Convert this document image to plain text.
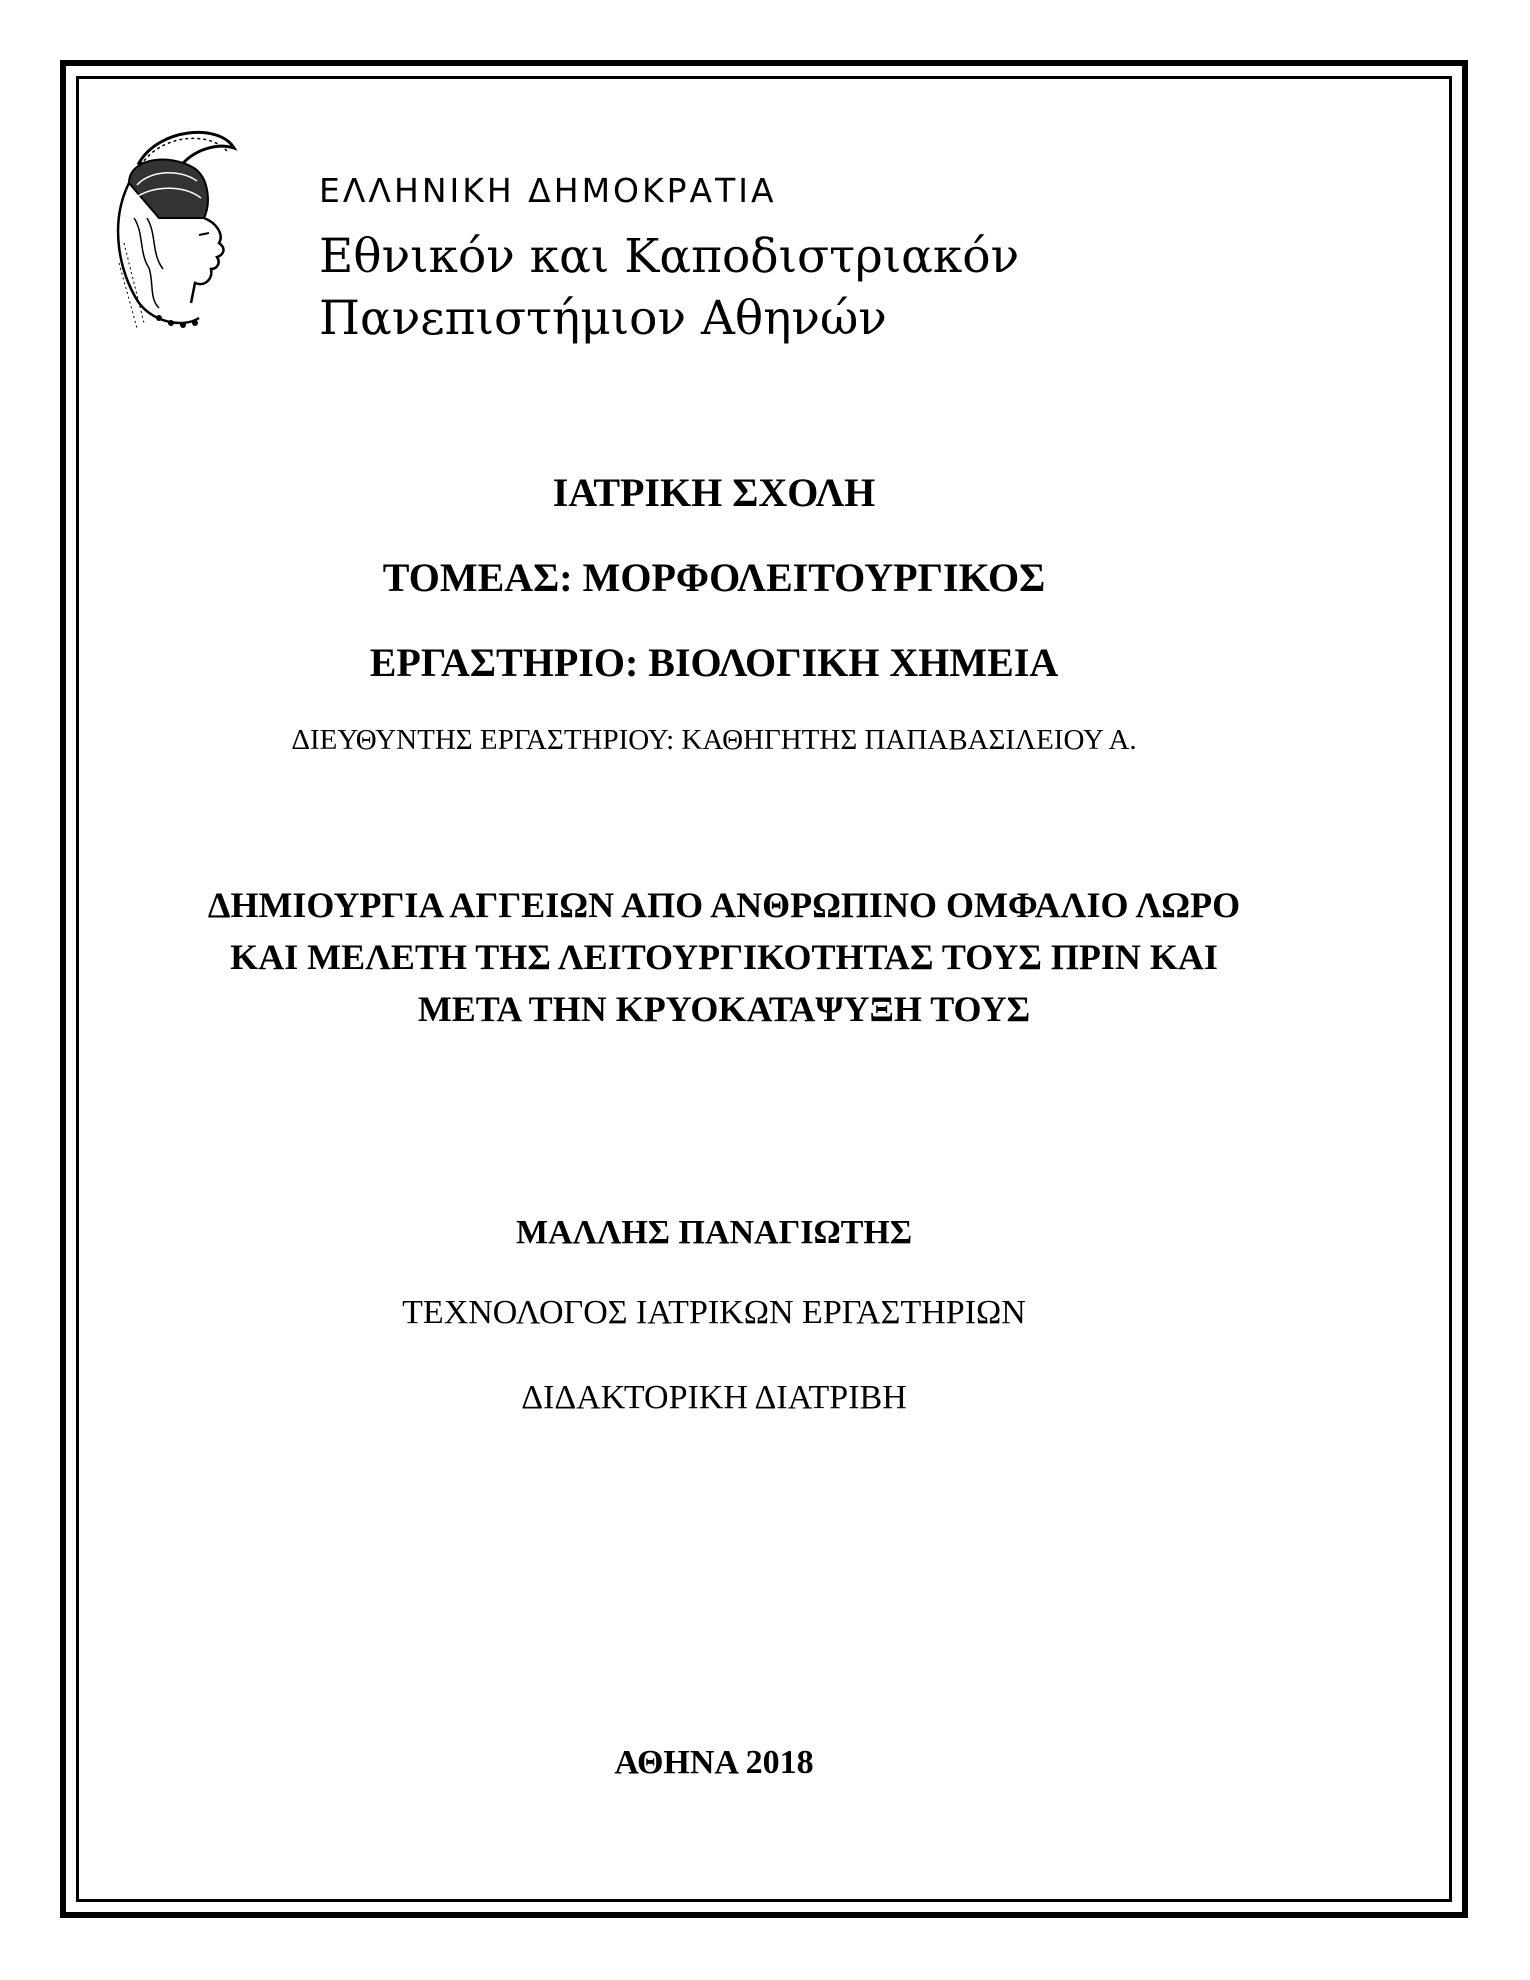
ΕΛΛΗΝΙΚΗ ΔΗΜΟΚΡΑΤΙΑ
Εθνικόν και Καποδιστριακόν
Πανεπιστήμιον Αθηνών
ΙΑΤΡΙΚΗ ΣΧΟΛΗ
ΤΟΜΕΑΣ: ΜΟΡΦΟΛΕΙΤΟΥΡΓΙΚΟΣ
ΕΡΓΑΣΤΗΡΙΟ: ΒΙΟΛΟΓΙΚΗ ΧΗΜΕΙΑ
ΔΙΕΥΘΥΝΤΗΣ ΕΡΓΑΣΤΗΡΙΟΥ: ΚΑΘΗΓΗΤΗΣ ΠΑΠΑΒΑΣΙΛΕΙΟΥ Α.
ΔΗΜΙΟΥΡΓΙΑ ΑΓΓΕΙΩΝ ΑΠΟ ΑΝΘΡΩΠΙΝΟ ΟΜΦΑΛΙΟ ΛΩΡΟ
ΚΑΙ ΜΕΛΕΤΗ ΤΗΣ ΛΕΙΤΟΥΡΓΙΚΟΤΗΤΑΣ ΤΟΥΣ ΠΡΙΝ ΚΑΙ
ΜΕΤΑ ΤΗΝ ΚΡΥΟΚΑΤΑΨΥΞΗ ΤΟΥΣ
ΜΑΛΛΗΣ ΠΑΝΑΓΙΩΤΗΣ
ΤΕΧΝΟΛΟΓΟΣ ΙΑΤΡΙΚΩΝ ΕΡΓΑΣΤΗΡΙΩΝ
ΔΙΔΑΚΤΟΡΙΚΗ ΔΙΑΤΡΙΒΗ
ΑΘΗΝΑ 2018
